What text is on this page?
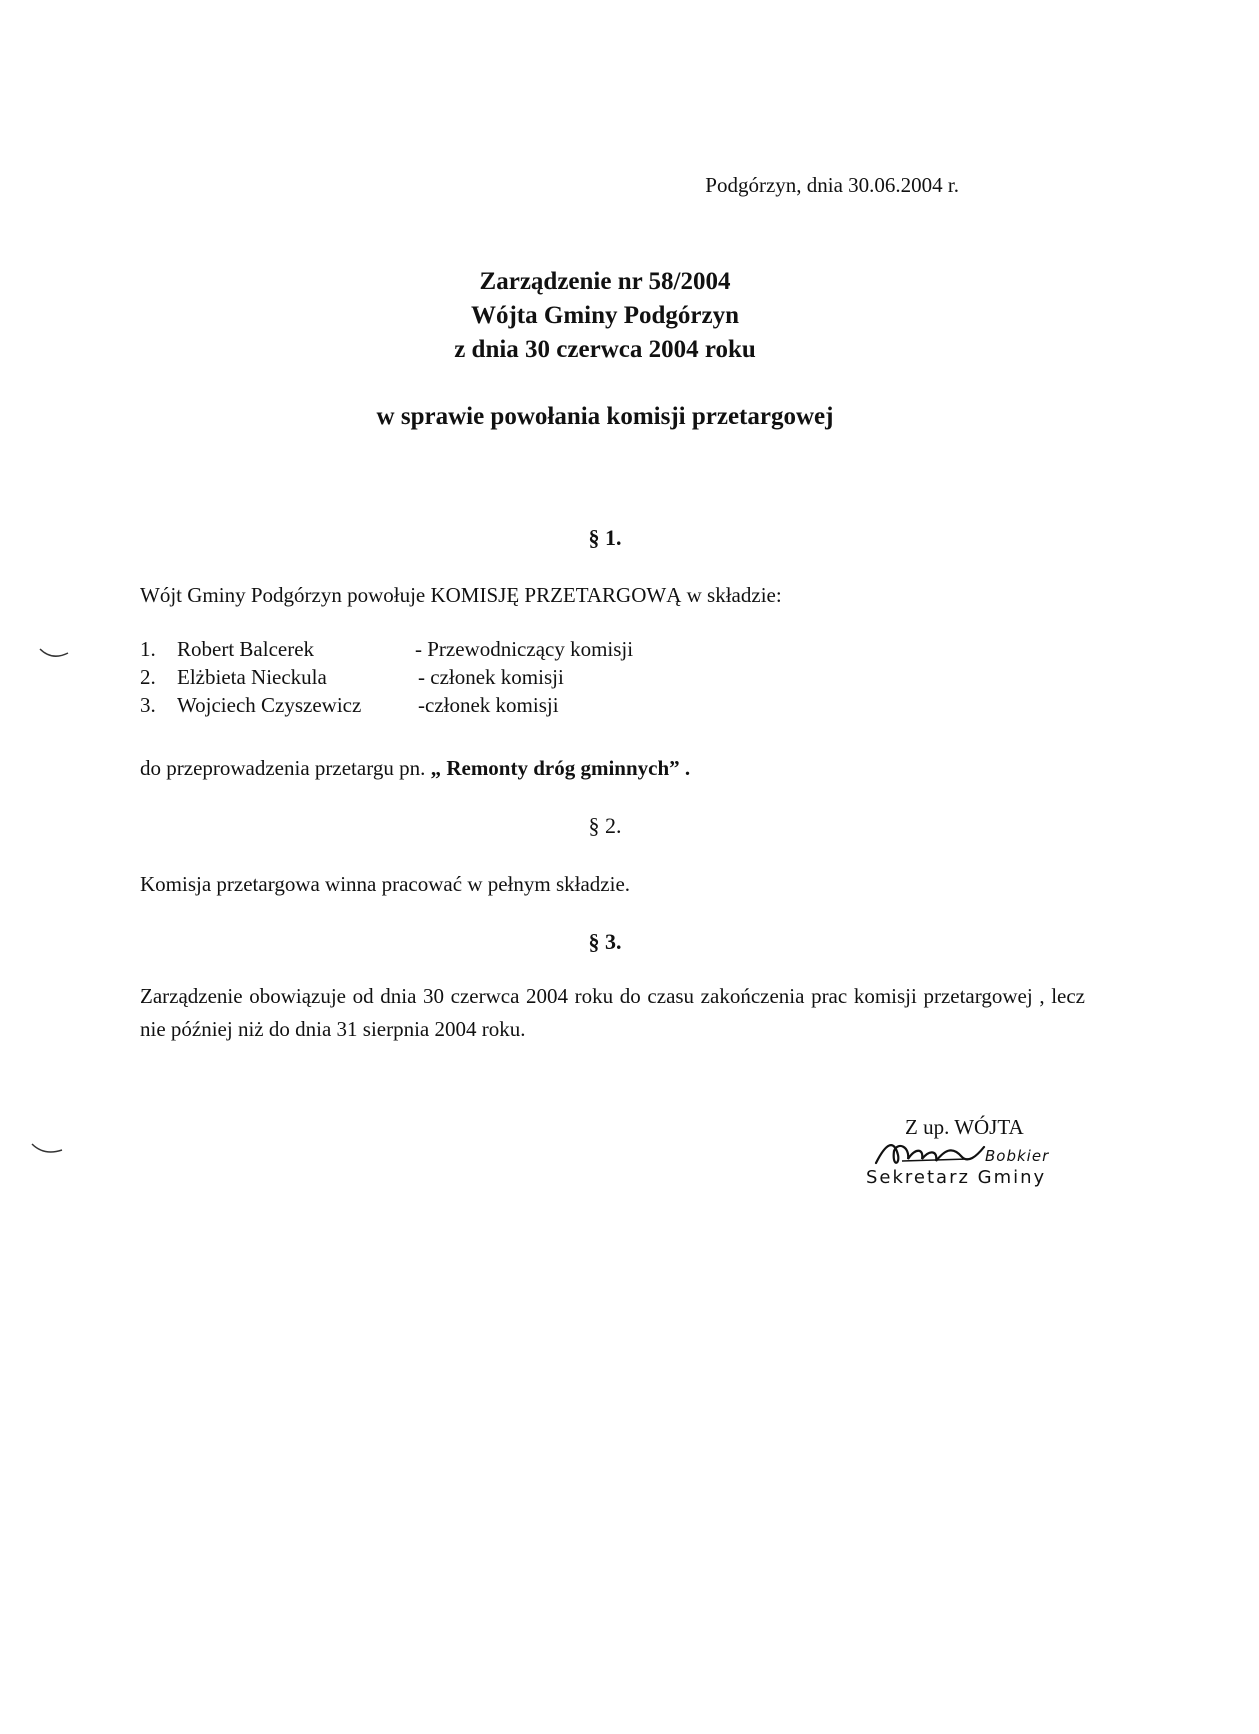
Podgórzyn, dnia 30.06.2004 r.
Zarządzenie nr 58/2004
Wójta Gminy Podgórzyn
z dnia 30 czerwca 2004 roku
w sprawie powołania komisji przetargowej
§ 1.
Wójt Gminy Podgórzyn powołuje KOMISJĘ PRZETARGOWĄ w składzie:
1. Robert Balcerek	- Przewodniczący komisji
2. Elżbieta Nieckula	- członek komisji
3. Wojciech Czyszewicz	-członek komisji
do przeprowadzenia przetargu pn. „ Remonty dróg gminnych” .
§ 2.
Komisja przetargowa winna pracować w pełnym składzie.
§ 3.
Zarządzenie obowiązuje od dnia 30 czerwca 2004 roku do czasu zakończenia prac komisji przetargowej , lecz nie później niż do dnia 31 sierpnia 2004 roku.
Z up. WÓJTA
Bobkier
Sekretarz Gminy
